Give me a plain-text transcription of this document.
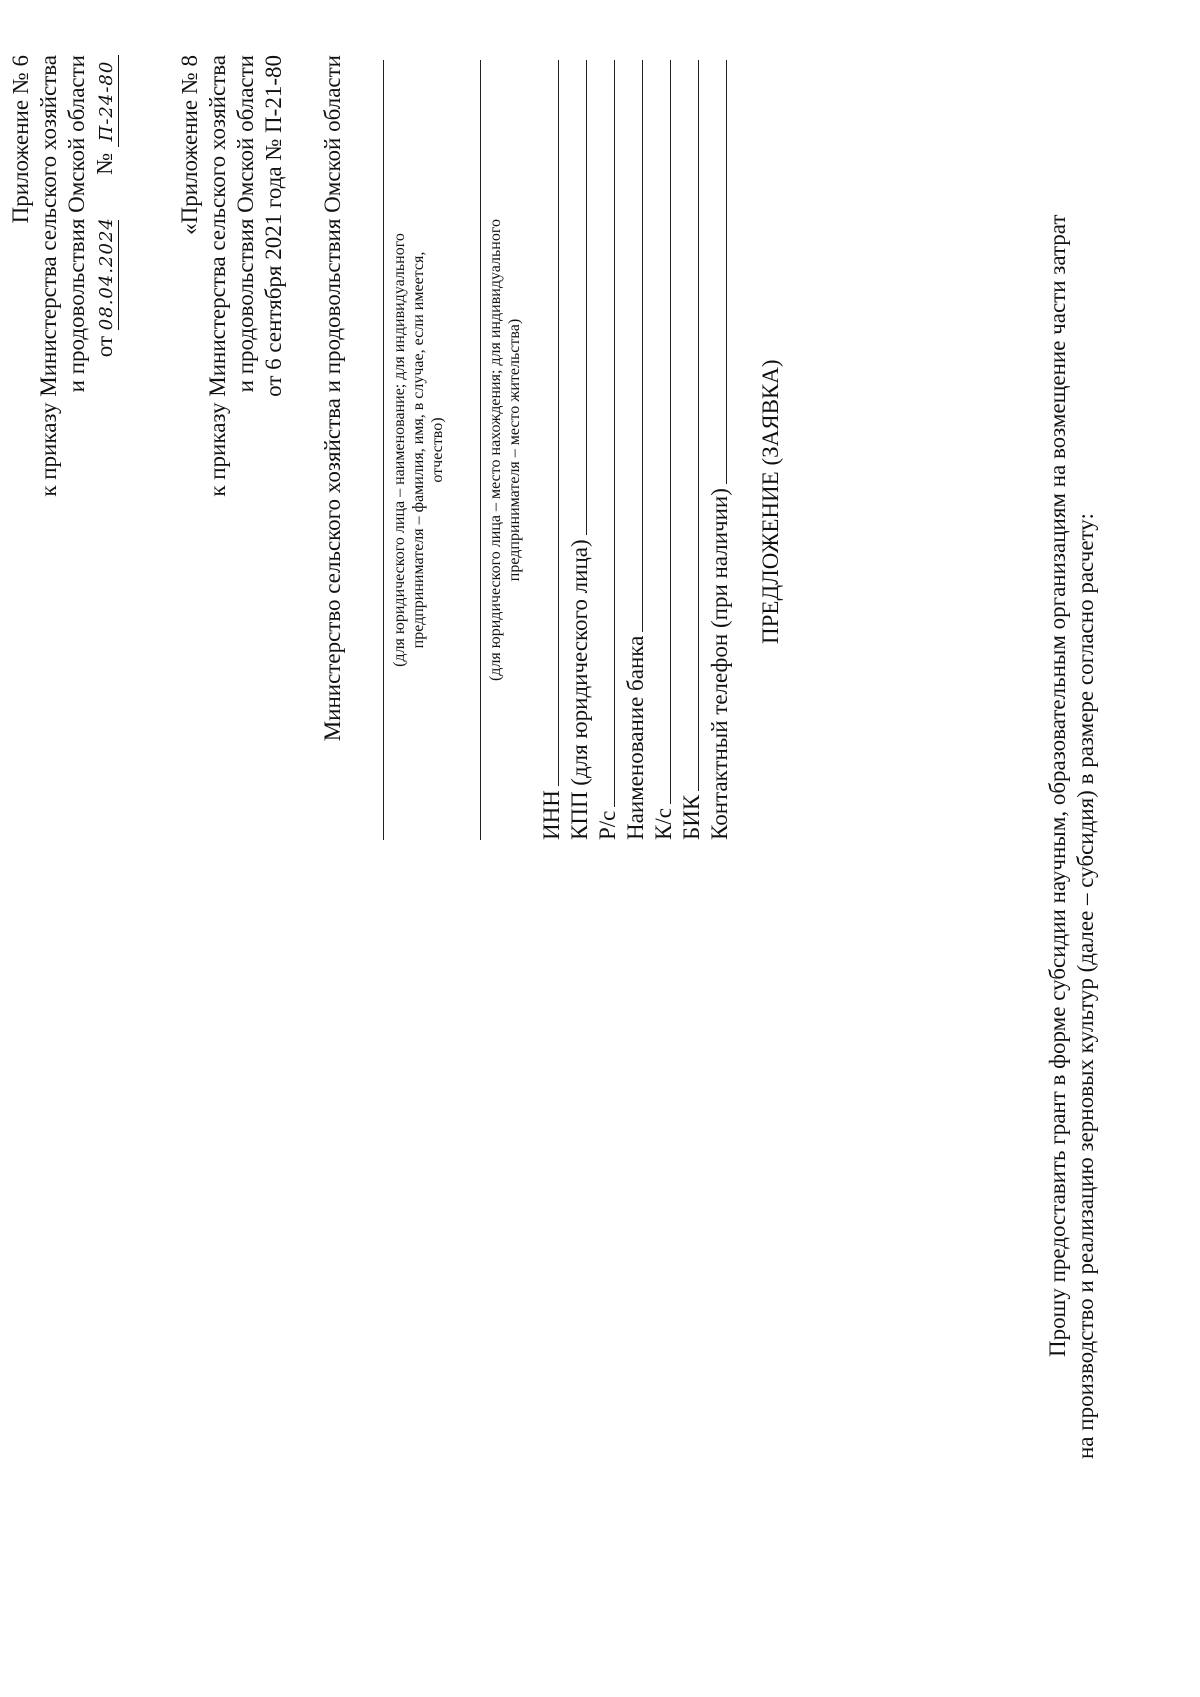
Приложение № 6 к приказу Министерства сельского хозяйства и продовольствия Омской области от 08.04.2024  № П-24-80	«Приложение № 8 к приказу Министерства сельского хозяйства и продовольствия Омской области от 6 сентября 2021 года № П-21-80 Министерство сельского хозяйства и продовольствия Омской области	(для юридического лица – наименование; для индивидуального предпринимателя – фамилия, имя, в случае, если имеется, отчество)	(для юридического лица – место нахождения; для индивидуального предпринимателя – место жительства)
ИНН КПП (для юридического лица) Р/с Наименование банка К/с БИК Контактный телефон (при наличии) ПРЕДЛОЖЕНИЕ (ЗАЯВКА)	Прошу предоставить грант в форме субсидии научным, образовательным организациям на возмещение части затрат на производство и реализацию зерновых культур (далее – субсидия) в размере согласно расчету:
